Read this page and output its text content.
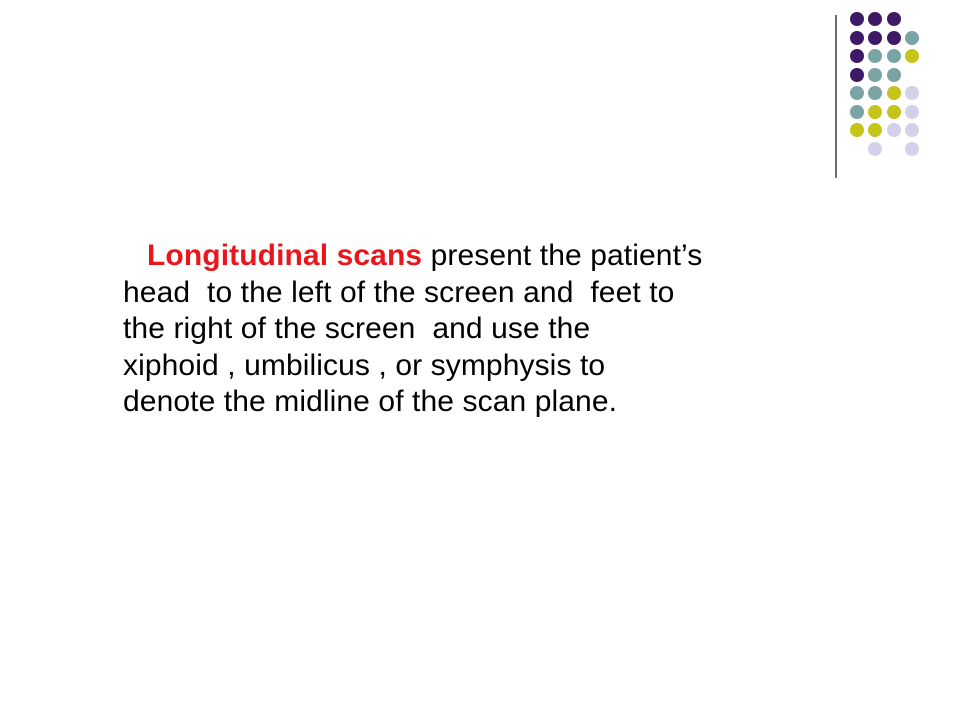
Longitudinal scans present the patient’s
head  to the left of the screen and  feet to
the right of the screen  and use the
xiphoid , umbilicus , or symphysis to
denote the midline of the scan plane.
